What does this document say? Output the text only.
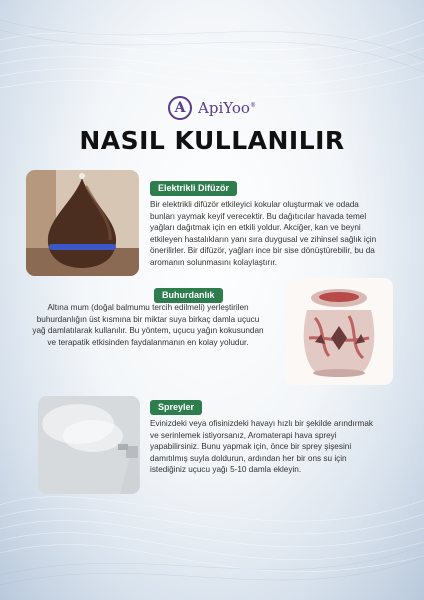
A ApiYoo®
NASIL KULLANILIR
Elektrikli Difüzör

Bir elektrikli difüzör etkileyici kokular oluşturmak ve odada
bunları yaymak keyif verecektir. Bu dağıtıcılar havada temel
yağları dağıtmak için en etkili yoldur. Akciğer, kan ve beyni
etkileyen hastalıkların yanı sıra duygusal ve zihinsel sağlık için
önerilirler. Bir difüzör, yağları ince bir sise dönüştürebilir, bu da
aromanın solunmasını kolaylaştırır.

Buhurdanlık

Altına mum (doğal balmumu tercih edilmeli) yerleştirilen
buhurdanlığın üst kısmına bir miktar suya birkaç damla uçucu
yağ damlatılarak kullanılır. Bu yöntem, uçucu yağın kokusundan
ve terapatik etkisinden faydalanmanın en kolay yoludur.

Spreyler

Evinizdeki veya ofisinizdeki havayı hızlı bir şekilde arındırmak
ve serinlemek istiyorsanız, Aromaterapi hava spreyi
yapabilirsiniz. Bunu yapmak için, önce bir sprey şişesini
damıtılmış suyla doldurun, ardından her bir ons su için
istediğiniz uçucu yağı 5-10 damla ekleyin.
